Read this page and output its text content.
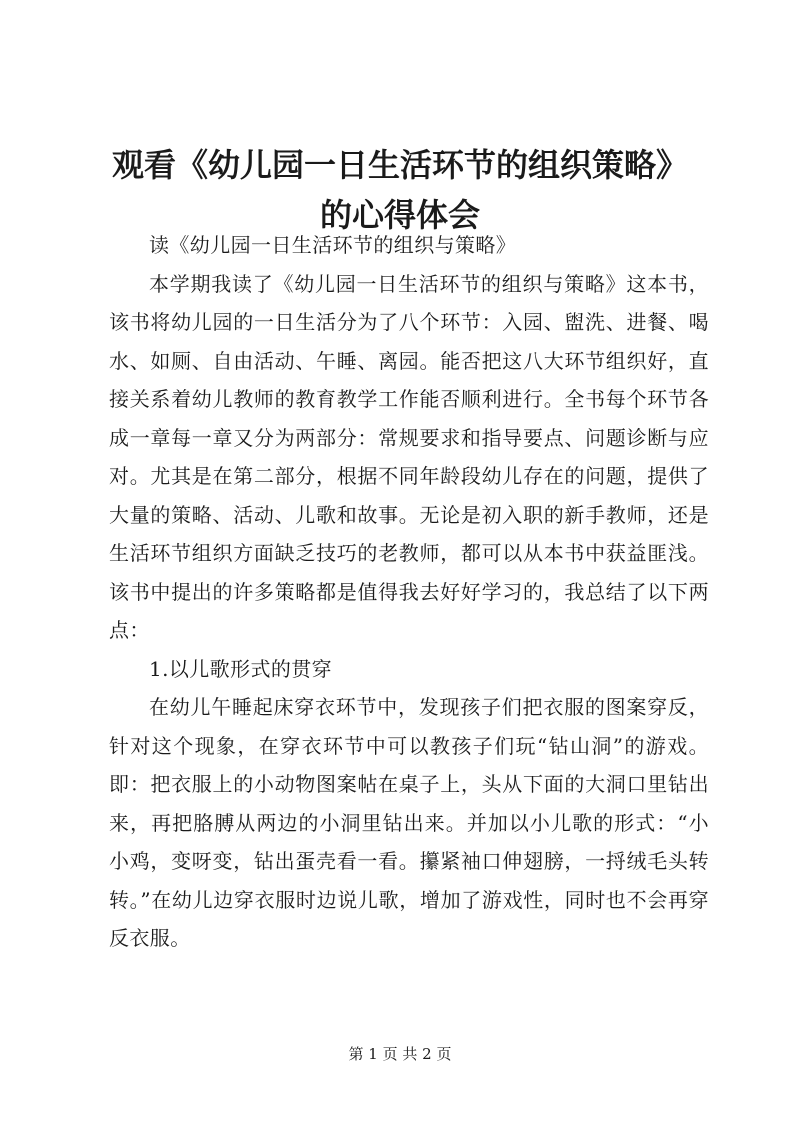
观看《幼儿园一日生活环节的组织策略》的心得体会

读《幼儿园一日生活环节的组织与策略》

本学期我读了《幼儿园一日生活环节的组织与策略》这本书，该书将幼儿园的一日生活分为了八个环节：入园、盥洗、进餐、喝水、如厕、自由活动、午睡、离园。能否把这八大环节组织好，直接关系着幼儿教师的教育教学工作能否顺利进行。全书每个环节各成一章每一章又分为两部分：常规要求和指导要点、问题诊断与应对。尤其是在第二部分，根据不同年龄段幼儿存在的问题，提供了大量的策略、活动、儿歌和故事。无论是初入职的新手教师，还是生活环节组织方面缺乏技巧的老教师，都可以从本书中获益匪浅。该书中提出的许多策略都是值得我去好好学习的，我总结了以下两点：

1.以儿歌形式的贯穿

在幼儿午睡起床穿衣环节中，发现孩子们把衣服的图案穿反，针对这个现象，在穿衣环节中可以教孩子们玩“钻山洞”的游戏。即：把衣服上的小动物图案帖在桌子上，头从下面的大洞口里钻出来，再把胳膊从两边的小洞里钻出来。并加以小儿歌的形式：“小小鸡，变呀变，钻出蛋壳看一看。攥紧袖口伸翅膀，一捋绒毛头转转。”在幼儿边穿衣服时边说儿歌，增加了游戏性，同时也不会再穿反衣服。

第 1 页 共 2 页
